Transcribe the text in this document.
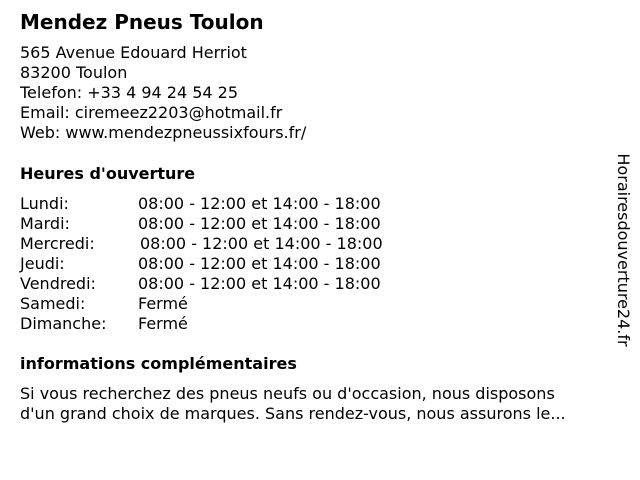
Mendez Pneus Toulon
565 Avenue Edouard Herriot
83200 Toulon
Telefon: +33 4 94 24 54 25
Email: ciremeez2203@hotmail.fr
Web: www.mendezpneussixfours.fr/
Heures d'ouverture
Lundi:	08:00 - 12:00 et 14:00 - 18:00
Mardi:	08:00 - 12:00 et 14:00 - 18:00
Mercredi:	08:00 - 12:00 et 14:00 - 18:00
Jeudi:	08:00 - 12:00 et 14:00 - 18:00
Vendredi:	08:00 - 12:00 et 14:00 - 18:00
Samedi:	Fermé
Dimanche: Fermé
informations complémentaires
Si vous recherchez des pneus neufs ou d'occasion, nous disposons
d'un grand choix de marques. Sans rendez-vous, nous assurons le...
Horairesdouverture24.fr
